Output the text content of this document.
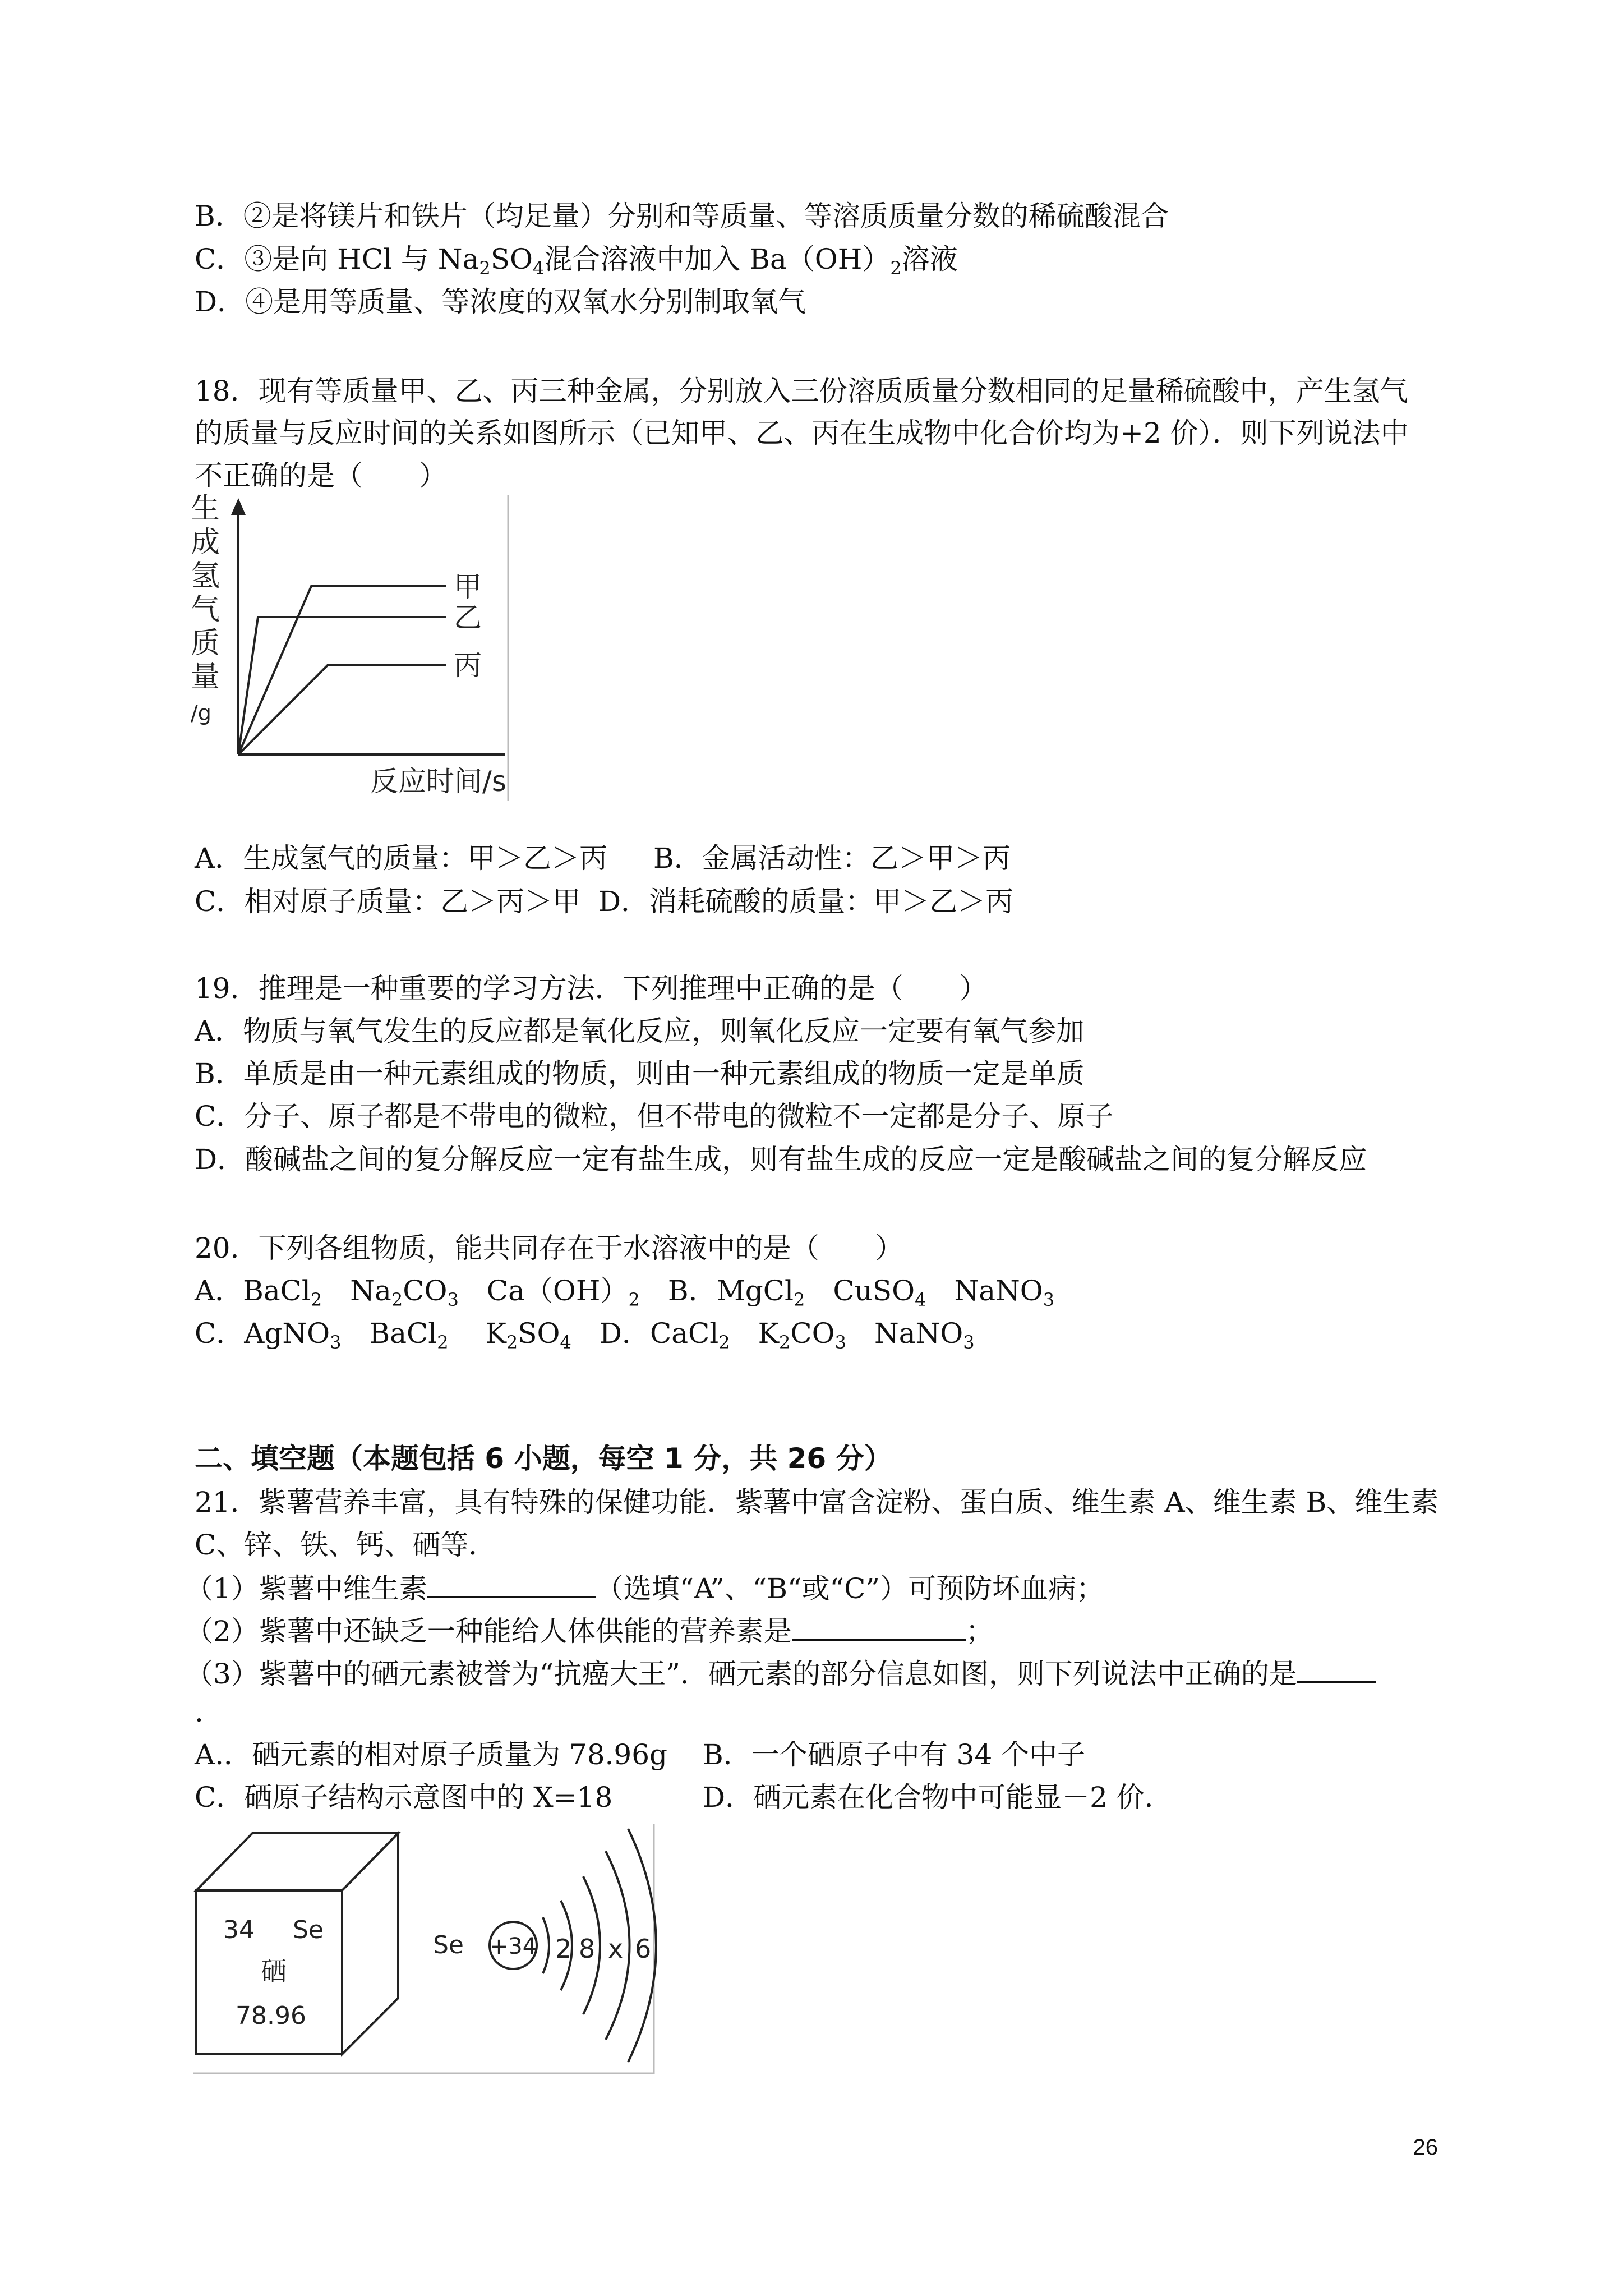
B．②是将镁片和铁片（均足量）分别和等质量、等溶质质量分数的稀硫酸混合
C．③是向 HCl 与 $Na_2SO_4$混合溶液中加入 $Ba(OH)_2$溶液
D．④是用等质量、等浓度的双氧水分别制取氧气
18．现有等质量甲、乙、丙三种金属，分别放入三份溶质质量分数相同的足量稀硫酸中，产生氢气
的质量与反应时间的关系如图所示（已知甲、乙、丙在生成物中化合价均为+2 价）．则下列说法中
不正确的是（　　）
生
成
氢
气
质
量
/g
反应时间/s
甲
乙
丙
A．生成氢气的质量：甲＞乙＞丙 B．金属活动性：乙＞甲＞丙
C．相对原子质量：乙＞丙＞甲 D．消耗硫酸的质量：甲＞乙＞丙
19．推理是一种重要的学习方法．下列推理中正确的是（　　）
A．物质与氧气发生的反应都是氧化反应，则氧化反应一定要有氧气参加
B．单质是由一种元素组成的物质，则由一种元素组成的物质一定是单质
C．分子、原子都是不带电的微粒，但不带电的微粒不一定都是分子、原子
D．酸碱盐之间的复分解反应一定有盐生成，则有盐生成的反应一定是酸碱盐之间的复分解反应
20．下列各组物质，能共同存在于水溶液中的是（　　）
A．BaCl$_2$　$Na_2CO_3$　$Ca(OH)_2$　B．MgCl$_2$　CuSO$_4$　NaNO$_3$
C．AgNO$_3$　BaCl$_2$　 $K_2SO_4$　D．CaCl$_2$　$K_2CO_3$　NaNO$_3$
二、填空题（本题包括 6 小题，每空 1 分，共 26 分）
21．紫薯营养丰富，具有特殊的保健功能．紫薯中富含淀粉、蛋白质、维生素 A、维生素 B、维生素
C、锌、铁、钙、硒等．
（1）紫薯中维生素	（选填“A”、“B“或“C”）可预防坏血病；
（2）紫薯中还缺乏一种能给人体供能的营养素是	；
（3）紫薯中的硒元素被誉为“抗癌大王”．硒元素的部分信息如图，则下列说法中正确的是
.
A.．硒元素的相对原子质量为 78.96g B．一个硒原子中有 34 个中子
C．硒原子结构示意图中的 X=18	D．硒元素在化合物中可能显－2 价．
34 Se
硒
78.96
Se +34 2 8 x 6
26
